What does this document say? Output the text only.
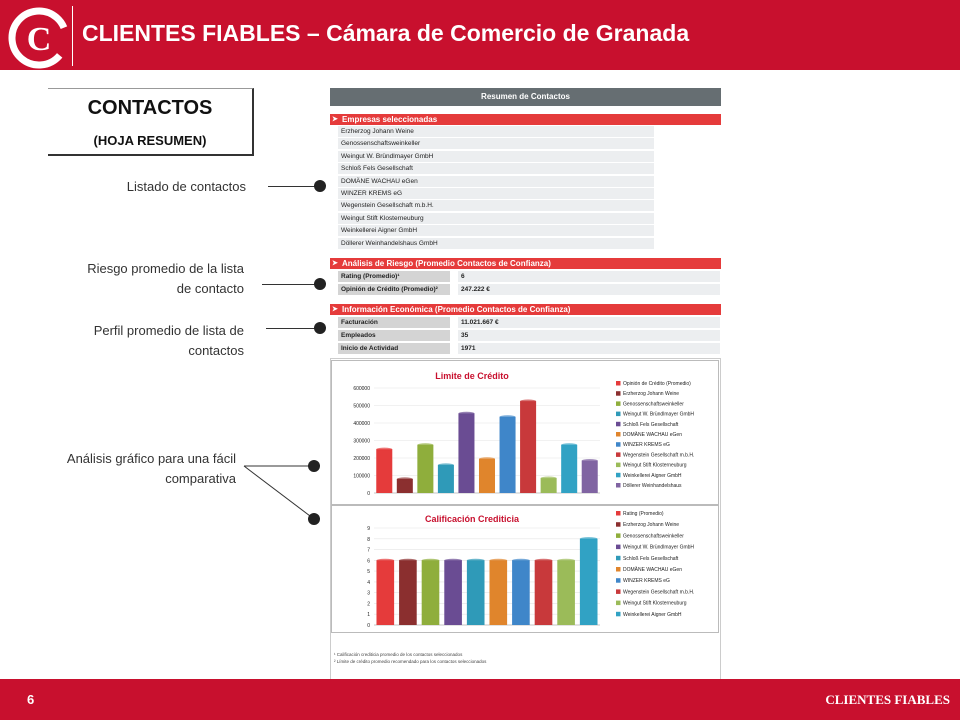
C CLIENTES FIABLES – Cámara de Comercio de Granada
CONTACTOS
(HOJA RESUMEN)
Listado de contactos
Riesgo promedio de la lista
de contacto
Perfil promedio de lista de
contactos
Análisis gráfico para una fácil
comparativa
Resumen de Contactos
➤ Empresas seleccionadas
Erzherzog Johann Weine
Genossenschaftsweinkeller
Weingut W. Bründlmayer GmbH
Schloß Fels Gesellschaft
DOMÄNE WACHAU eGen
WINZER KREMS eG
Wegenstein Gesellschaft m.b.H.
Weingut Stift Klosterneuburg
Weinkellerei Aigner GmbH
Döllerer Weinhandelshaus GmbH
➤ Análisis de Riesgo (Promedio Contactos de Confianza)
Rating (Promedio)¹	6
Opinión de Crédito (Promedio)²	247.222 €
➤ Información Económica (Promedio Contactos de Confianza)
Facturación	11.021.667 €
Empleados	35
Inicio de Actividad	1971
Limite de Crédito
600000
500000
400000
300000
200000
100000
0
Opinión de Crédito (Promedio)
Erzherzog Johann Weine
Genossenschaftsweinkeller
Weingut W. Bründlmayer GmbH
Schloß Fels Gesellschaft
DOMÄNE WACHAU eGen
WINZER KREMS eG
Wegenstein Gesellschaft m.b.H.
Weingut Stift Klosterneuburg
Weinkellerei Aigner GmbH
Döllerer Weinhandelshaus
Calificación Crediticia
9
8
7
6
5
4
3
2
1
0
Rating (Promedio)
Erzherzog Johann Weine
Genossenschaftsweinkeller
Weingut W. Bründlmayer GmbH
Schloß Fels Gesellschaft
DOMÄNE WACHAU eGen
WINZER KREMS eG
Wegenstein Gesellschaft m.b.H.
Weingut Stift Klosterneuburg
Weinkellerei Aigner GmbH
¹ Calificación crediticia promedio de los contactos seleccionados
² Límite de crédito promedio recomendado para los contactos seleccionados
6	CLIENTES FIABLES
